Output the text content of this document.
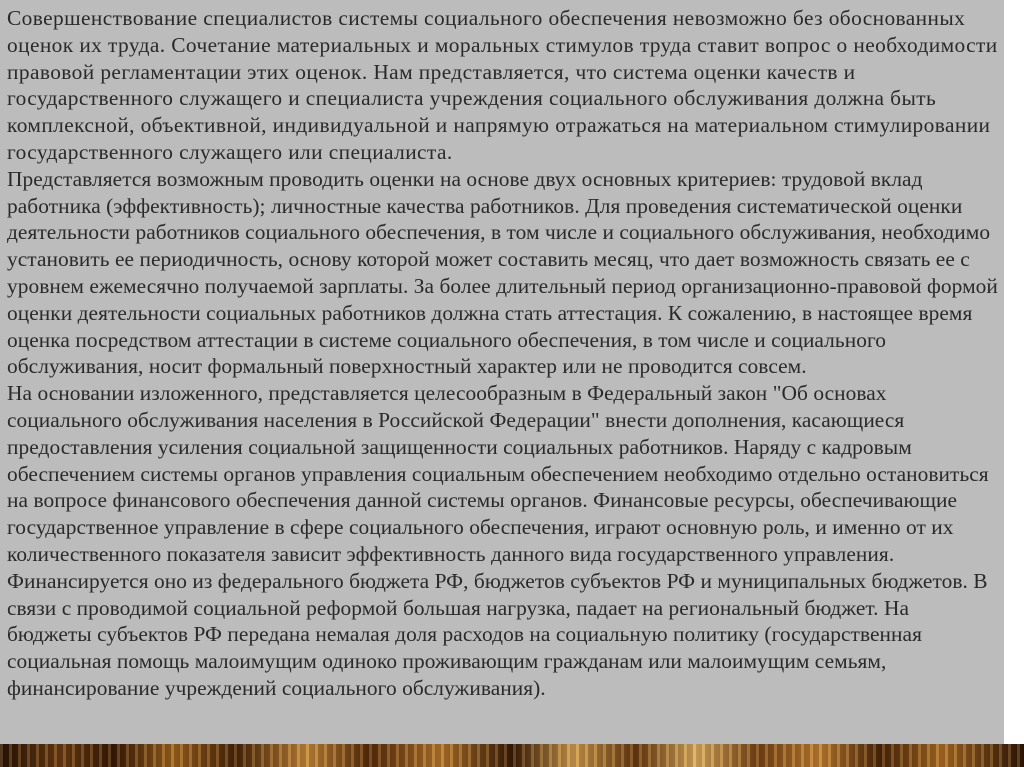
Совершенствование специалистов системы социального обеспечения невозможно без обоснованных оценок их труда. Сочетание материальных и моральных стимулов труда ставит вопрос о необходимости правовой регламентации этих оценок. Нам представляется, что система оценки качеств и государственного служащего и специалиста учреждения социального обслуживания должна быть комплексной, объективной, индивидуальной и напрямую отражаться на материальном стимулировании государственного служащего или специалиста.

Представляется возможным проводить оценки на основе двух основных критериев: трудовой вклад работника (эффективность); личностные качества работников. Для проведения систематической оценки деятельности работников социального обеспечения, в том числе и социального обслуживания, необходимо установить ее периодичность, основу которой может составить месяц, что дает возможность связать ее с уровнем ежемесячно получаемой зарплаты. За более длительный период организационно-правовой формой оценки деятельности социальных работников должна стать аттестация. К сожалению, в настоящее время оценка посредством аттестации в системе социального обеспечения, в том числе и социального обслуживания, носит формальный поверхностный характер или не проводится совсем.

На основании изложенного, представляется целесообразным в Федеральный закон "Об основах социального обслуживания населения в Российской Федерации" внести дополнения, касающиеся предоставления усиления социальной защищенности социальных работников. Наряду с кадровым обеспечением системы органов управления социальным обеспечением необходимо отдельно остановиться на вопросе финансового обеспечения данной системы органов. Финансовые ресурсы, обеспечивающие государственное управление в сфере социального обеспечения, играют основную роль, и именно от их количественного показателя зависит эффективность данного вида государственного управления. Финансируется оно из федерального бюджета РФ, бюджетов субъектов РФ и муниципальных бюджетов. В связи с проводимой социальной реформой большая нагрузка, падает на региональный бюджет. На бюджеты субъектов РФ передана немалая доля расходов на социальную политику (государственная социальная помощь малоимущим одиноко проживающим гражданам или малоимущим семьям, финансирование учреждений социального обслуживания).
